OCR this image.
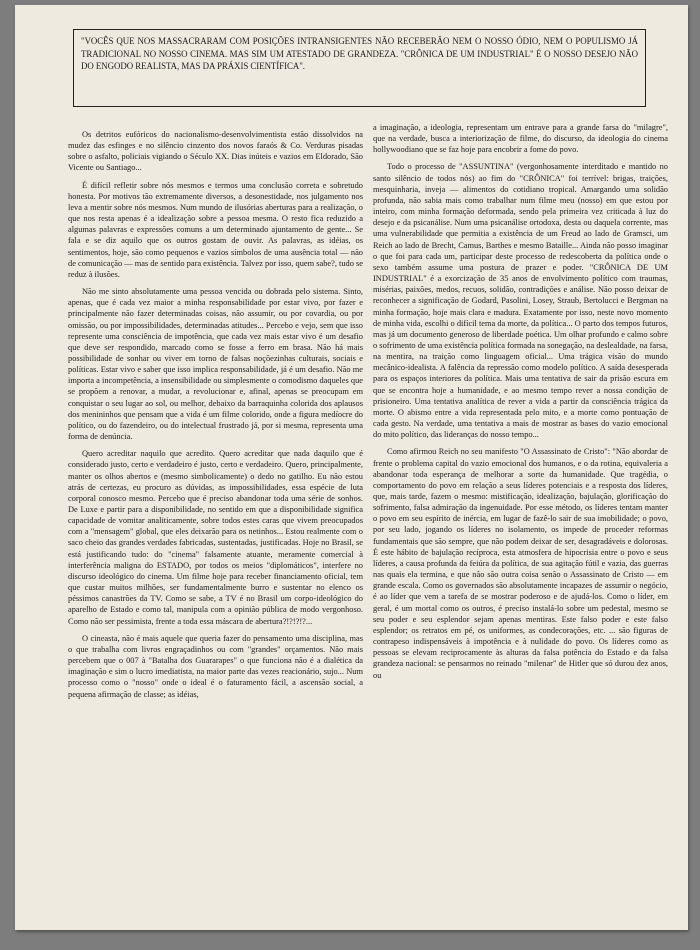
"VOCÊS QUE NOS MASSACRARAM COM POSIÇÕES INTRANSIGENTES NÃO RECEBERÃO NEM O NOSSO ÓDIO, NEM O POPULISMO JÁ TRADICIONAL NO NOSSO CINEMA. MAS SIM UM ATESTADO DE GRANDEZA. "CRÔNICA DE UM INDUSTRIAL" É O NOSSO DESEJO NÃO DO ENGODO REALISTA, MAS DA PRÁXIS CIENTÍFICA".

Os detritos eufóricos do nacionalismo-desenvolvimentista estão dissolvidos na mudez das esfinges e no silêncio cinzento dos novos faraós & Co. Verduras pisadas sobre o asfalto, policiais vigiando o Século XX. Dias inúteis e vazios em Eldorado, São Vicente ou Santiago...

É difícil refletir sobre nós mesmos e termos uma conclusão correta e sobretudo honesta. Por motivos tão extremamente diversos, a desonestidade, nos julgamento nos leva a mentir sobre nós mesmos. Num mundo de ilusórias aberturas para a realização, o que nos resta apenas é a idealização sobre a pessoa mesma. O resto fica reduzido a algumas palavras e expressões comuns a um determinado ajuntamento de gente... Se fala e se diz aquilo que os outros gostam de ouvir. As palavras, as idéias, os sentimentos, hoje, são como pequenos e vazios símbolos de uma ausência total — não de comunicação — mas de sentido para existência. Talvez por isso, quem sabe?, tudo se reduz à ilusões.

Não me sinto absolutamente uma pessoa vencida ou dobrada pelo sistema. Sinto, apenas, que é cada vez maior a minha responsabilidade por estar vivo, por fazer e principalmente não fazer determinadas coisas, não assumir, ou por covardia, ou por omissão, ou por impossibilidades, determinadas atitudes... Percebo e vejo, sem que isso represente uma consciência de impotência, que cada vez mais estar vivo é um desafio que deve ser respondido, marcado como se fosse a ferro em brasa. Não há mais possibilidade de sonhar ou viver em torno de falsas noçõezinhas culturais, sociais e políticas. Estar vivo e saber que isso implica responsabilidade, já é um desafio. Não me importa a incompetência, a insensibilidade ou simplesmente o comodismo daqueles que se propõem a renovar, a mudar, a revolucionar e, afinal, apenas se preocupam em conquistar o seu lugar ao sol, ou melhor, debaixo da barraquinha colorida dos aplausos dos menininhos que pensam que a vida é um filme colorido, onde a figura medíocre do político, ou do fazendeiro, ou do intelectual frustrado já, por si mesma, representa uma forma de denúncia.

Quero acreditar naquilo que acredito. Quero acreditar que nada daquilo que é considerado justo, certo e verdadeiro é justo, certo e verdadeiro. Quero, principalmente, manter os olhos abertos e (mesmo simbolicamente) o dedo no gatilho. Eu não estou atrás de certezas, eu procuro as dúvidas, as impossibilidades, essa espécie de luta corporal conosco mesmo. Percebo que é preciso abandonar toda uma série de sonhos. De Luxe e partir para a disponibilidade, no sentido em que a disponibilidade significa capacidade de vomitar analiticamente, sobre todos estes caras que vivem preocupados com a "mensagem" global, que eles deixarão para os netinhos... Estou realmente com o saco cheio das grandes verdades fabricadas, sustentadas, justificadas. Hoje no Brasil, se está justificando tudo: do "cinema" falsamente atuante, meramente comercial à interferência maligna do ESTADO, por todos os meios "diplomáticos", interfere no discurso ideológico do cinema. Um filme hoje para receber financiamento oficial, tem que custar muitos milhões, ser fundamentalmente burro e sustentar no elenco os péssimos canastrões da TV. Como se sabe, a TV é no Brasil um corpo-ideológico do aparelho de Estado e como tal, manipula com a opinião pública de modo vergonhoso. Como não ser pessimista, frente a toda essa máscara de abertura?!?!?!?...

O cineasta, não é mais aquele que queria fazer do pensamento uma disciplina, mas o que trabalha com livros engraçadinhos ou com "grandes" orçamentos. Não mais percebem que o 007 à "Batalha dos Guararapes" o que funciona não é a dialética da imaginação e sim o lucro imediatista, na maior parte das vezes reacionário, sujo... Num processo como o "nosso" onde o ideal é o faturamento fácil, a ascensão social, a pequena afirmação de classe; as idéias,

a imaginação, a ideologia, representam um entrave para a grande farsa do "milagre", que na verdade, busca a interiorização de filme, do discurso, da ideologia do cinema hollywoodiano que se faz hoje para encobrir a fome do povo.

Todo o processo de "ASSUNTINA" (vergonhosamente interditado e mantido no santo silêncio de todos nós) ao fim do "CRÔNICA" foi terrível: brigas, traições, mesquinharia, inveja — alimentos do cotidiano tropical. Amargando uma solidão profunda, não sabia mais como trabalhar num filme meu (nosso) em que estou por inteiro, com minha formação deformada, sendo pela primeira vez criticada à luz do desejo e da psicanálise. Num uma psicanálise ortodoxa, desta ou daquela corrente, mas uma vulnerabilidade que permitia a existência de um Freud ao lado de Gramsci, um Reich ao lado de Brecht, Camus, Barthes e mesmo Bataille... Ainda não posso imaginar o que foi para cada um, participar deste processo de redescoberta da política onde o sexo também assume uma postura de prazer e poder. "CRÔNICA DE UM INDUSTRIAL" é a exorcização de 35 anos de envolvimento político com traumas, misérias, paixões, medos, recuos, solidão, contradições e análise. Não posso deixar de reconhecer a significação de Godard, Pasolini, Losey, Straub, Bertolucci e Bergman na minha formação, hoje mais clara e madura. Exatamente por isso, neste novo momento de minha vida, escolhi o difícil tema da morte, da política... O parto dos tempos futuros, mas já um documento generoso de liberdade poética. Um olhar profundo e calmo sobre o sofrimento de uma existência política formada na sonegação, na deslealdade, na farsa, na mentira, na traição como linguagem oficial... Uma trágica visão do mundo mecânico-idealista. A falência da repressão como modelo político. A saída desesperada para os espaços interiores da política. Mais uma tentativa de sair da prisão escura em que se encontra hoje a humanidade, e ao mesmo tempo rever a nossa condição de prisioneiro. Uma tentativa analítica de rever a vida a partir da consciência trágica da morte. O abismo entre a vida representada pelo mito, e a morte como pontuação de cada gesto. Na verdade, uma tentativa a mais de mostrar as bases do vazio emocional do mito político, das lideranças do nosso tempo...

Como afirmou Reich no seu manifesto "O Assassinato de Cristo": "Não abordar de frente o problema capital do vazio emocional dos humanos, e o da rotina, equivaleria a abandonar toda esperança de melhorar a sorte da humanidade. Que tragédia, o comportamento do povo em relação a seus líderes potenciais e a resposta dos líderes, que, mais tarde, fazem o mesmo: mistificação, idealização, bajulação, glorificação do sofrimento, falsa admiração da ingenuidade. Por esse método, os líderes tentam manter o povo em seu espírito de inércia, em lugar de fazê-lo sair de sua imobilidade; o povo, por seu lado, jogando os líderes no isolamento, os impede de proceder reformas fundamentais que são sempre, que não podem deixar de ser, desagradáveis e dolorosas. É este hábito de bajulação recíproca, esta atmosfera de hipocrisia entre o povo e seus líderes, a causa profunda da feiúra da política, de sua agitação fútil e vazia, das guerras nas quais ela termina, e que não são outra coisa senão o Assassinato de Cristo — em grande escala. Como os governados são absolutamente incapazes de assumir o negócio, é ao líder que vem a tarefa de se mostrar poderoso e de ajudá-los. Como o líder, em geral, é um mortal como os outros, é preciso instalá-lo sobre um pedestal, mesmo se seu poder e seu esplendor sejam apenas mentiras. Este falso poder e este falso esplendor; os retratos em pé, os uniformes, as condecorações, etc. ... são figuras de contrapeso indispensáveis à impotência e à nulidade do povo. Os líderes como as pessoas se elevam reciprocamente às alturas da falsa potência do Estado e da falsa grandeza nacional: se pensarmos no reinado "milenar" de Hitler que só durou dez anos, ou
